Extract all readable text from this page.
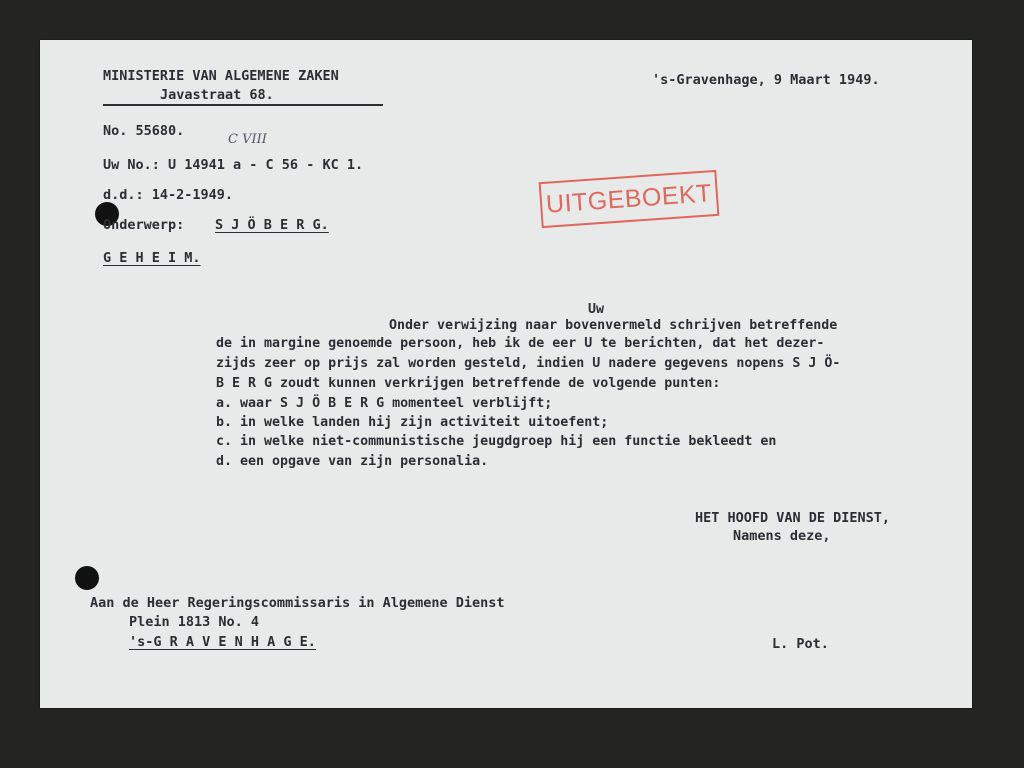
MINISTERIE VAN ALGEMENE ZAKEN
Javastraat 68.
's-Gravenhage, 9 Maart 1949.
No. 55680.
C VIII
Uw No.: U 14941 a - C 56 - KC 1.
d.d.: 14-2-1949.
Onderwerp: S J Ö B E R G.
G E H E I M.
UITGEBOEKT
Uw
Onder verwijzing naar bovenvermeld schrijven betreffende
de in margine genoemde persoon, heb ik de eer U te berichten, dat het dezer-
zijds zeer op prijs zal worden gesteld, indien U nadere gegevens nopens S J Ö-
B E R G zoudt kunnen verkrijgen betreffende de volgende punten:
a. waar S J Ö B E R G momenteel verblijft;
b. in welke landen hij zijn activiteit uitoefent;
c. in welke niet-communistische jeugdgroep hij een functie bekleedt en
d. een opgave van zijn personalia.
HET HOOFD VAN DE DIENST,
Namens deze,
Aan de Heer Regeringscommissaris in Algemene Dienst
Plein 1813 No. 4
's-G R A V E N H A G E.	L. Pot.
